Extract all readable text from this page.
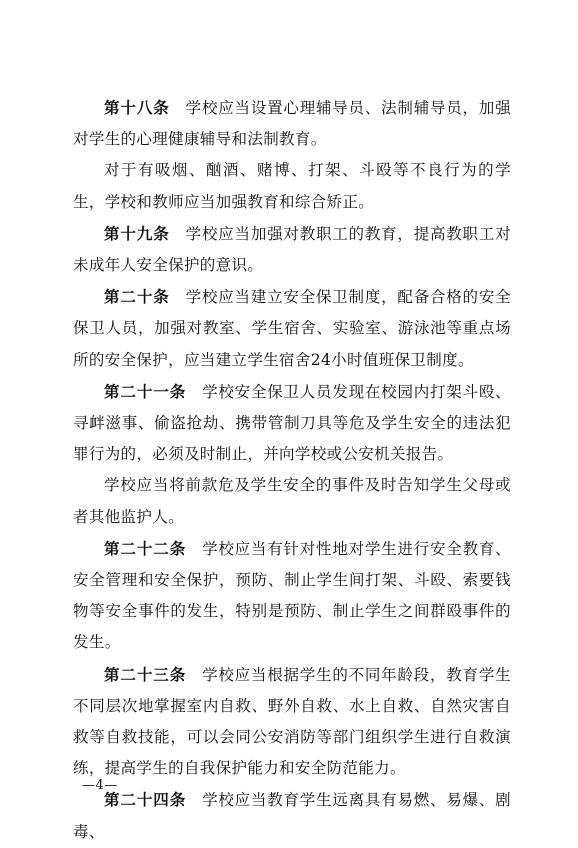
第十八条 学校应当设置心理辅导员、法制辅导员，加强对学生的心理健康辅导和法制教育。

对于有吸烟、酗酒、赌博、打架、斗殴等不良行为的学生，学校和教师应当加强教育和综合矫正。

第十九条 学校应当加强对教职工的教育，提高教职工对未成年人安全保护的意识。

第二十条 学校应当建立安全保卫制度，配备合格的安全保卫人员，加强对教室、学生宿舍、实验室、游泳池等重点场所的安全保护，应当建立学生宿舍24小时值班保卫制度。

第二十一条 学校安全保卫人员发现在校园内打架斗殴、寻衅滋事、偷盗抢劫、携带管制刀具等危及学生安全的违法犯罪行为的，必须及时制止，并向学校或公安机关报告。

学校应当将前款危及学生安全的事件及时告知学生父母或者其他监护人。

第二十二条 学校应当有针对性地对学生进行安全教育、安全管理和安全保护，预防、制止学生间打架、斗殴、索要钱物等安全事件的发生，特别是预防、制止学生之间群殴事件的发生。

第二十三条 学校应当根据学生的不同年龄段，教育学生不同层次地掌握室内自救、野外自救、水上自救、自然灾害自救等自救技能，可以会同公安消防等部门组织学生进行自救演练，提高学生的自我保护能力和安全防范能力。

第二十四条 学校应当教育学生远离具有易燃、易爆、剧毒、

—4—
